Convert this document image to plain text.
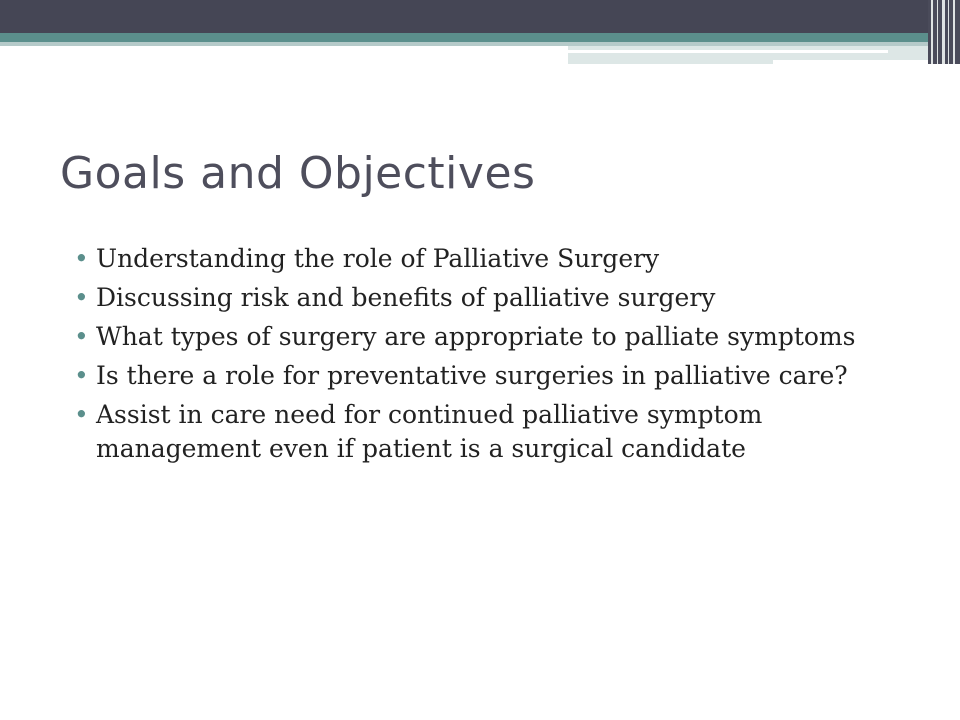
Goals and Objectives
• Understanding the role of Palliative Surgery
• Discussing risk and benefits of palliative surgery
• What types of surgery are appropriate to palliate symptoms
• Is there a role for preventative surgeries in palliative care?
• Assist in care need for continued palliative symptom management even if patient is a surgical candidate
